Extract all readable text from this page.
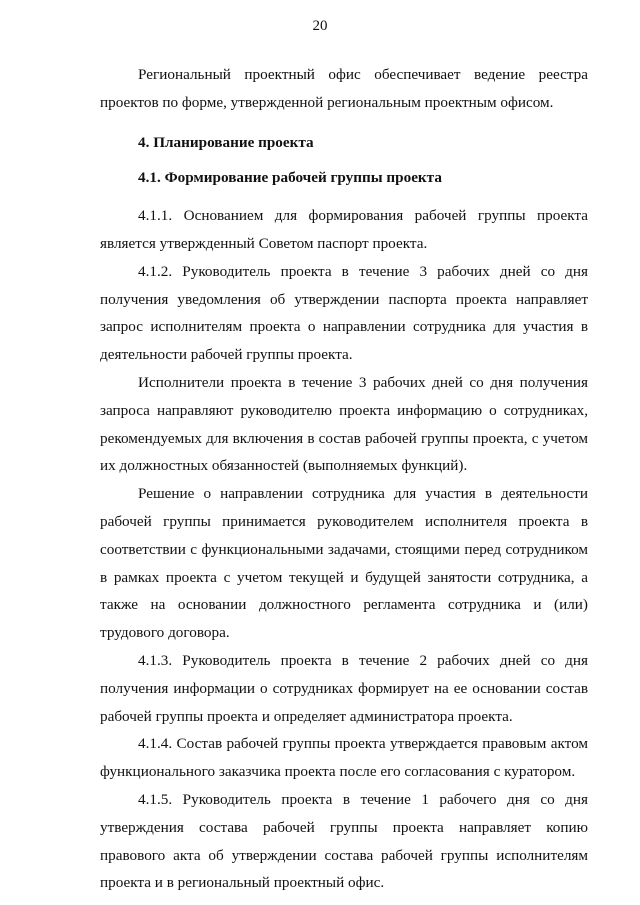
20

Региональный проектный офис обеспечивает ведение реестра проектов по форме, утвержденной региональным проектным офисом.

4. Планирование проекта

4.1. Формирование рабочей группы проекта

4.1.1. Основанием для формирования рабочей группы проекта является утвержденный Советом паспорт проекта.

4.1.2. Руководитель проекта в течение 3 рабочих дней со дня получения уведомления об утверждении паспорта проекта направляет запрос исполнителям проекта о направлении сотрудника для участия в деятельности рабочей группы проекта.

Исполнители проекта в течение 3 рабочих дней со дня получения запроса направляют руководителю проекта информацию о сотрудниках, рекомендуемых для включения в состав рабочей группы проекта, с учетом их должностных обязанностей (выполняемых функций).

Решение о направлении сотрудника для участия в деятельности рабочей группы принимается руководителем исполнителя проекта в соответствии с функциональными задачами, стоящими перед сотрудником в рамках проекта с учетом текущей и будущей занятости сотрудника, а также на основании должностного регламента сотрудника и (или) трудового договора.

4.1.3. Руководитель проекта в течение 2 рабочих дней со дня получения информации о сотрудниках формирует на ее основании состав рабочей группы проекта и определяет администратора проекта.

4.1.4. Состав рабочей группы проекта утверждается правовым актом функционального заказчика проекта после его согласования с куратором.

4.1.5. Руководитель проекта в течение 1 рабочего дня со дня утверждения состава рабочей группы проекта направляет копию правового акта об утверждении состава рабочей группы исполнителям проекта и в региональный проектный офис.
